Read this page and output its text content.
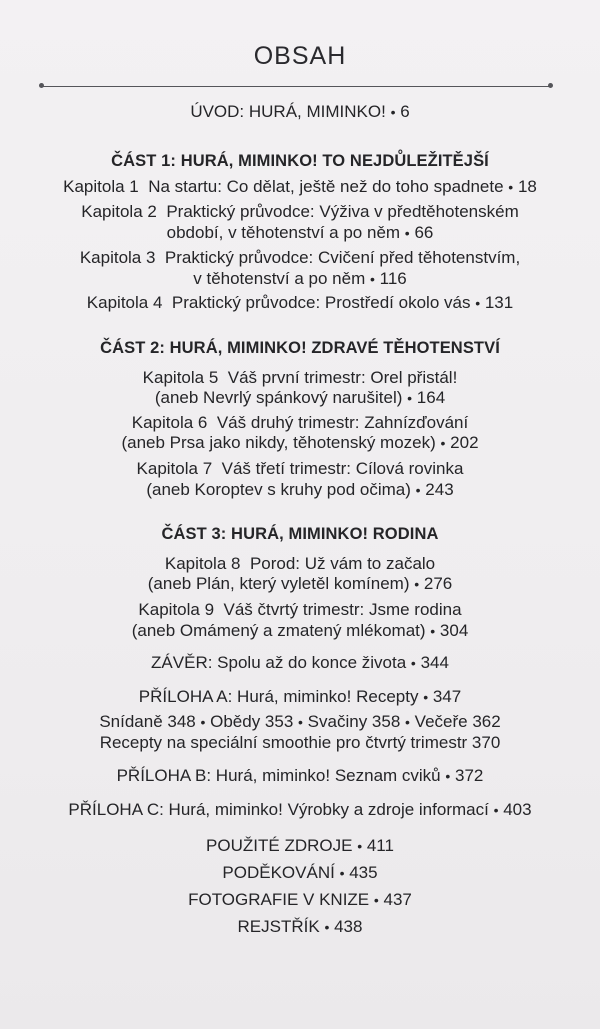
OBSAH
ÚVOD: HURÁ, MIMINKO! • 6
ČÁST 1: HURÁ, MIMINKO! TO NEJDŮLEŽITĚJŠÍ
Kapitola 1 Na startu: Co dělat, ještě než do toho spadnete • 18
Kapitola 2 Praktický průvodce: Výživa v předtěhotenském
období, v těhotenství a po něm • 66
Kapitola 3 Praktický průvodce: Cvičení před těhotenstvím,
v těhotenství a po něm • 116
Kapitola 4 Praktický průvodce: Prostředí okolo vás • 131
ČÁST 2: HURÁ, MIMINKO! ZDRAVÉ TĚHOTENSTVÍ
Kapitola 5 Váš první trimestr: Orel přistál!
(aneb Nevrlý spánkový narušitel) • 164
Kapitola 6 Váš druhý trimestr: Zahnízďování
(aneb Prsa jako nikdy, těhotenský mozek) • 202
Kapitola 7 Váš třetí trimestr: Cílová rovinka
(aneb Koroptev s kruhy pod očima) • 243
ČÁST 3: HURÁ, MIMINKO! RODINA
Kapitola 8 Porod: Už vám to začalo
(aneb Plán, který vyletěl komínem) • 276
Kapitola 9 Váš čtvrtý trimestr: Jsme rodina
(aneb Omámený a zmatený mlékomat) • 304
ZÁVĚR: Spolu až do konce života • 344
PŘÍLOHA A: Hurá, miminko! Recepty • 347
Snídaně 348 • Obědy 353 • Svačiny 358 • Večeře 362
Recepty na speciální smoothie pro čtvrtý trimestr 370
PŘÍLOHA B: Hurá, miminko! Seznam cviků • 372
PŘÍLOHA C: Hurá, miminko! Výrobky a zdroje informací • 403
POUŽITÉ ZDROJE • 411
PODĚKOVÁNÍ • 435
FOTOGRAFIE V KNIZE • 437
REJSTŘÍK • 438
